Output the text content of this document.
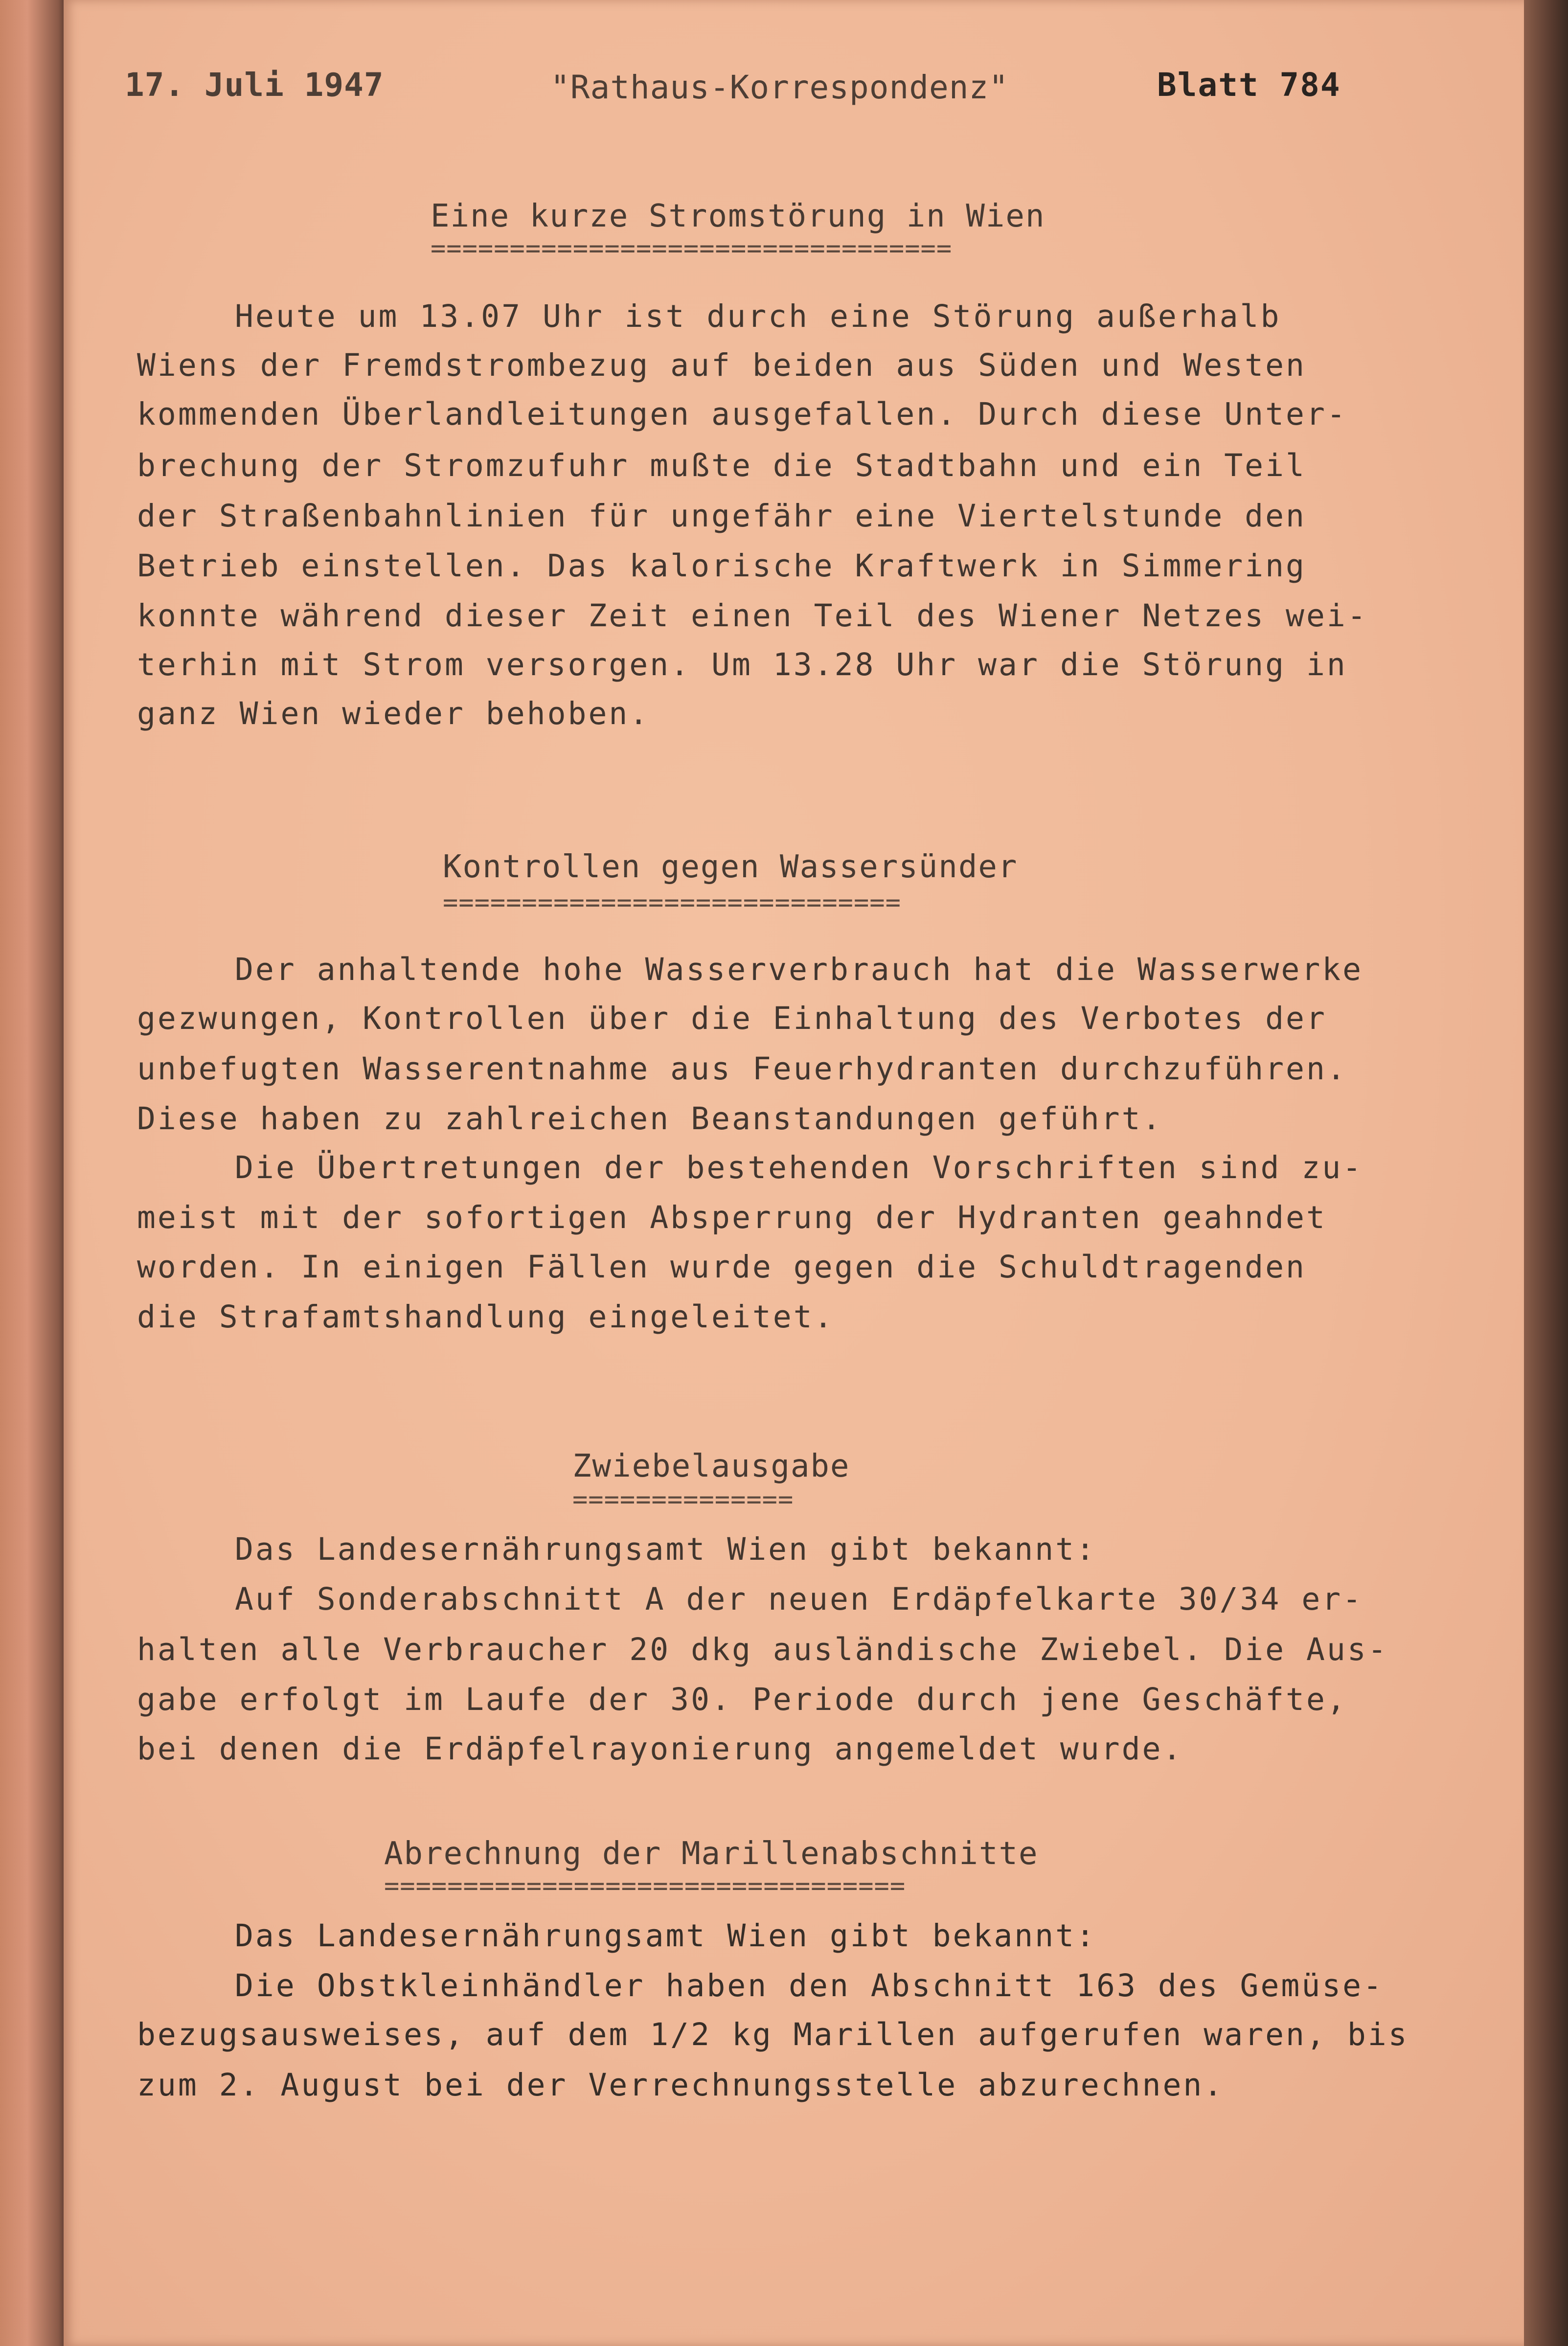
17. Juli 1947	"Rathaus-Korrespondenz"	Blatt 784
Eine kurze Stromstörung in Wien
=================================
Heute um 13.07 Uhr ist durch eine Störung außerhalb
Wiens der Fremdstrombezug auf beiden aus Süden und Westen
kommenden Überlandleitungen ausgefallen. Durch diese Unter-
brechung der Stromzufuhr mußte die Stadtbahn und ein Teil
der Straßenbahnlinien für ungefähr eine Viertelstunde den
Betrieb einstellen. Das kalorische Kraftwerk in Simmering
konnte während dieser Zeit einen Teil des Wiener Netzes wei-
terhin mit Strom versorgen. Um 13.28 Uhr war die Störung in
ganz Wien wieder behoben.
Kontrollen gegen Wassersünder
=============================
Der anhaltende hohe Wasserverbrauch hat die Wasserwerke
gezwungen, Kontrollen über die Einhaltung des Verbotes der
unbefugten Wasserentnahme aus Feuerhydranten durchzuführen.
Diese haben zu zahlreichen Beanstandungen geführt.
Die Übertretungen der bestehenden Vorschriften sind zu-
meist mit der sofortigen Absperrung der Hydranten geahndet
worden. In einigen Fällen wurde gegen die Schuldtragenden
die Strafamtshandlung eingeleitet.
Zwiebelausgabe
==============
Das Landesernährungsamt Wien gibt bekannt:
Auf Sonderabschnitt A der neuen Erdäpfelkarte 30/34 er-
halten alle Verbraucher 20 dkg ausländische Zwiebel. Die Aus-
gabe erfolgt im Laufe der 30. Periode durch jene Geschäfte,
bei denen die Erdäpfelrayonierung angemeldet wurde.
Abrechnung der Marillenabschnitte
=================================
Das Landesernährungsamt Wien gibt bekannt:
Die Obstkleinhändler haben den Abschnitt 163 des Gemüse-
bezugsausweises, auf dem 1/2 kg Marillen aufgerufen waren, bis
zum 2. August bei der Verrechnungsstelle abzurechnen.
